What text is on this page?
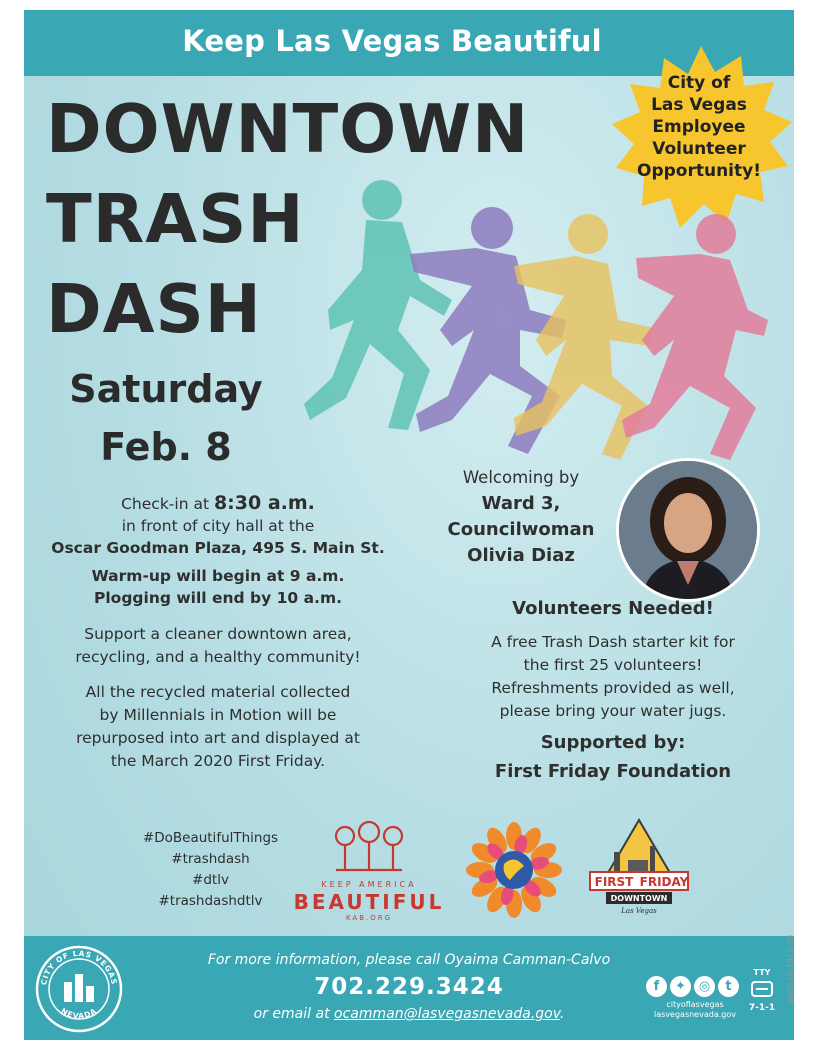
Keep Las Vegas Beautiful
City of
Las Vegas
Employee
Volunteer
Opportunity!
DOWNTOWN
TRASH
DASH
Saturday
Feb. 8
Check-in at 8:30 a.m.
in front of city hall at the
Oscar Goodman Plaza, 495 S. Main St.
Warm-up will begin at 9 a.m.
Plogging will end by 10 a.m.
Support a cleaner downtown area,
recycling, and a healthy community!
All the recycled material collected
by Millennials in Motion will be
repurposed into art and displayed at
the March 2020 First Friday.
Welcoming by
Ward 3,
Councilwoman
Olivia Diaz
Volunteers Needed!
A free Trash Dash starter kit for
the first 25 volunteers!
Refreshments provided as well,
please bring your water jugs.
Supported by:
First Friday Foundation
#DoBeautifulThings
#trashdash
#dtlv
#trashdashdtlv
KEEP AMERICA
BEAUTIFUL
KAB.ORG
FIRST FRIDAY
DOWNTOWN
Las Vegas
CITY OF LAS VEGAS
NEVADA
For more information, please call Oyaima Camman-Calvo
702.229.3424
or email at ocamman@lasvegasnevada.gov.
f	✦ ◎	t
cityoflasvegas
lasvegasnevada.gov
TTY
7-1-1
CS-2701-01-20RS
